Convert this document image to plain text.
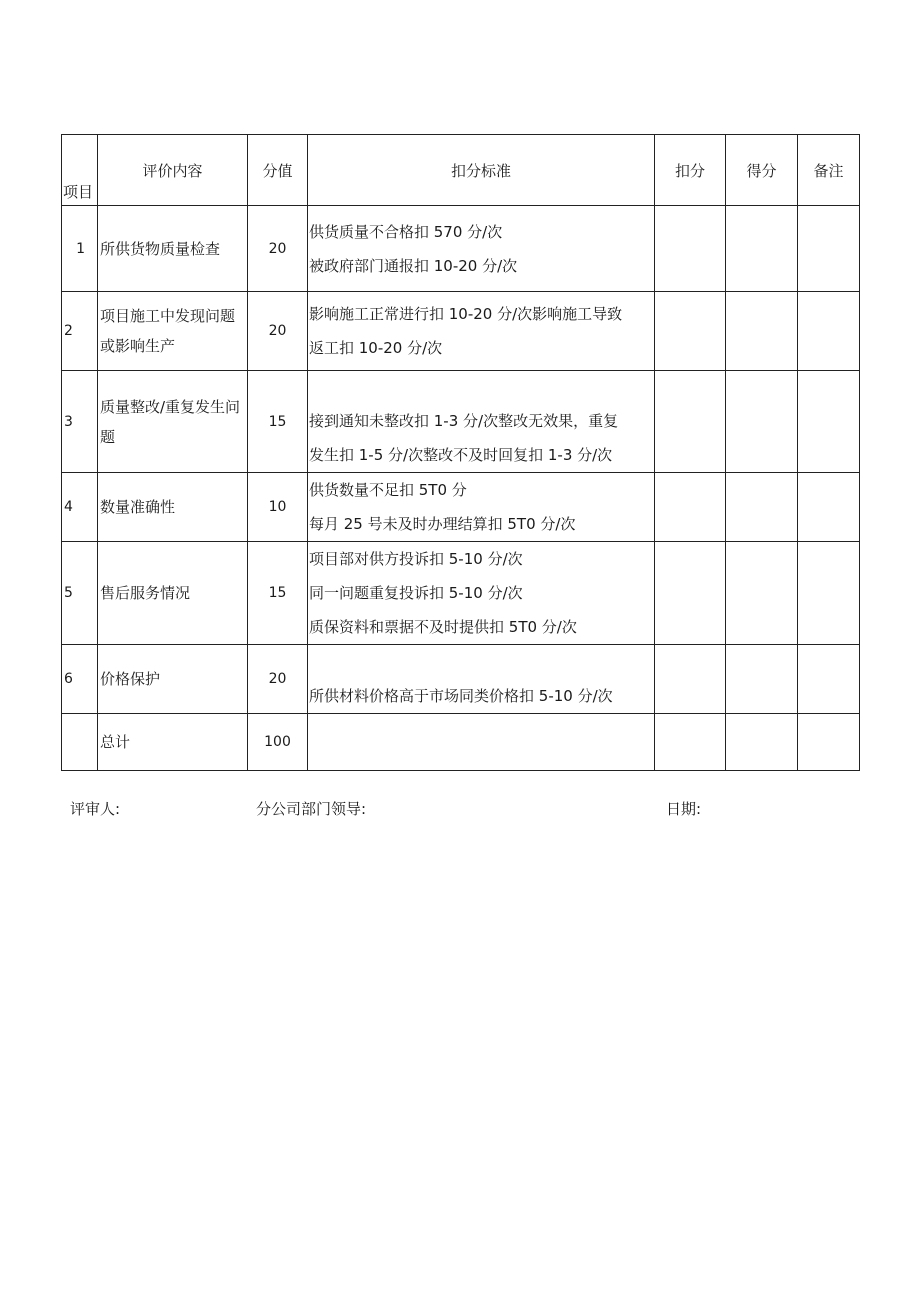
项目	评价内容	分值	扣分标准	扣分	得分	备注
1	所供货物质量检查	20	供货质量不合格扣 570 分/次
被政府部门通报扣 10-20 分/次			

2	项目施工中发现问题或影响生产	20	影响施工正常进行扣 10-20 分/次影响施工导致
返工扣 10-20 分/次			

3	质量整改/重复发生问题	15	接到通知未整改扣 1-3 分/次整改无效果，重复
发生扣 1-5 分/次整改不及时回复扣 1-3 分/次			

4	数量准确性	10	供货数量不足扣 5T0 分
每月 25 号未及时办理结算扣 5T0 分/次			

5	售后服务情况	15	项目部对供方投诉扣 5-10 分/次
同一问题重复投诉扣 5-10 分/次
质保资料和票据不及时提供扣 5T0 分/次			

6	价格保护	20	所供材料价格高于市场同类价格扣 5-10 分/次			

	总计	100				
评审人:	分公司部门领导:	日期:
